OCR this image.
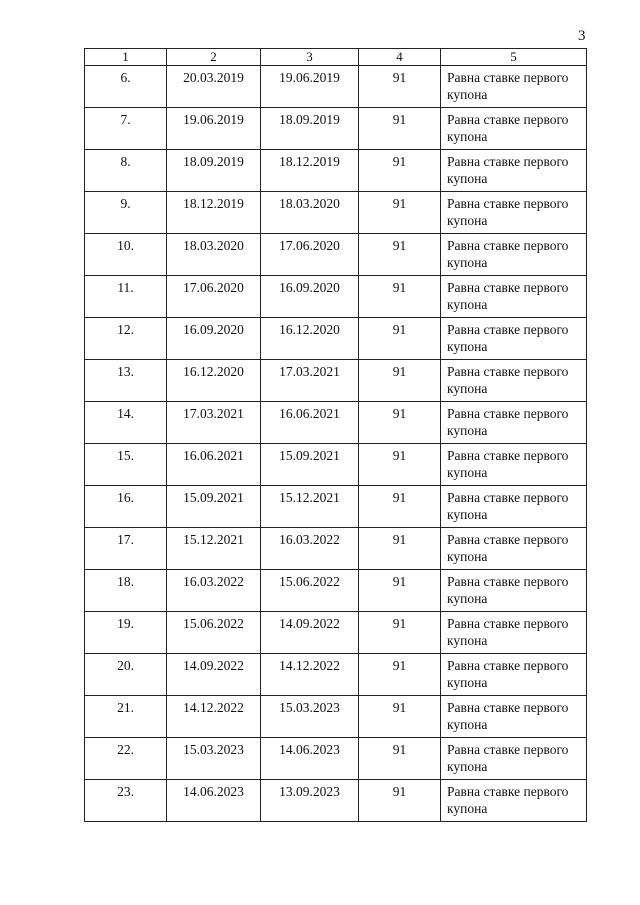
3
1	2	3	4	5
6.	20.03.2019	19.06.2019	91	Равна ставке первого
купона

7.	19.06.2019	18.09.2019	91	Равна ставке первого
купона

8.	18.09.2019	18.12.2019	91	Равна ставке первого
купона

9.	18.12.2019	18.03.2020	91	Равна ставке первого
купона

10.	18.03.2020	17.06.2020	91	Равна ставке первого
купона

11.	17.06.2020	16.09.2020	91	Равна ставке первого
купона

12.	16.09.2020	16.12.2020	91	Равна ставке первого
купона

13.	16.12.2020	17.03.2021	91	Равна ставке первого
купона

14.	17.03.2021	16.06.2021	91	Равна ставке первого
купона

15.	16.06.2021	15.09.2021	91	Равна ставке первого
купона

16.	15.09.2021	15.12.2021	91	Равна ставке первого
купона

17.	15.12.2021	16.03.2022	91	Равна ставке первого
купона

18.	16.03.2022	15.06.2022	91	Равна ставке первого
купона

19.	15.06.2022	14.09.2022	91	Равна ставке первого
купона

20.	14.09.2022	14.12.2022	91	Равна ставке первого
купона

21.	14.12.2022	15.03.2023	91	Равна ставке первого
купона

22.	15.03.2023	14.06.2023	91	Равна ставке первого
купона

23.	14.06.2023	13.09.2023	91	Равна ставке первого
купона
